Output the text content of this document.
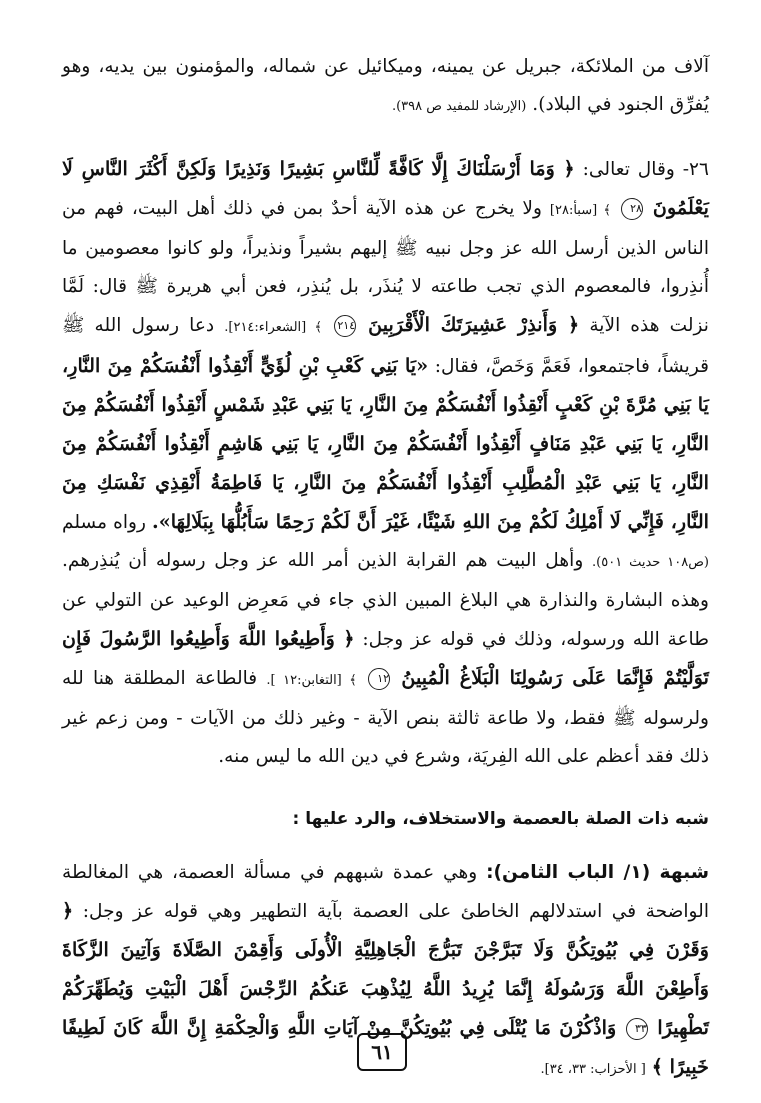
آلاف من الملائكة، جبريل عن يمينه، وميكائيل عن شماله، والمؤمنون بين يديه، وهو يُفرِّق الجنود في البلاد). (الإرشاد للمفيد ص ٣٩٨).

٢٦- وقال تعالى: ﴿ وَمَا أَرْسَلْنَاكَ إِلَّا كَافَّةً لِّلنَّاسِ بَشِيرًا وَنَذِيرًا وَلَكِنَّ أَكْثَرَ النَّاسِ لَا يَعْلَمُونَ ٢٨ ﴾ [سبأ:٢٨] ولا يخرج عن هذه الآية أحدٌ بمن في ذلك أهل البيت، فهم من الناس الذين أرسل الله عز وجل نبيه ﷺ إليهم بشيراً ونذيراً، ولو كانوا معصومين ما أُنذِروا، فالمعصوم الذي تجب طاعته لا يُنذَر، بل يُنذِر، فعن أبي هريرة ﷺ قال: لَمَّا نزلت هذه الآية ﴿ وَأَنذِرْ عَشِيرَتَكَ الْأَقْرَبِينَ ٢١٤ ﴾ [الشعراء:٢١٤]. دعا رسول الله ﷺ قريشاً، فاجتمعوا، فَعَمَّ وَخَصَّ، فقال: «يَا بَنِي كَعْبِ بْنِ لُؤَيٍّ أَنْقِذُوا أَنْفُسَكُمْ مِنَ النَّارِ، يَا بَنِي مُرَّةَ بْنِ كَعْبٍ أَنْقِذُوا أَنْفُسَكُمْ مِنَ النَّارِ، يَا بَنِي عَبْدِ شَمْسٍ أَنْقِذُوا أَنْفُسَكُمْ مِنَ النَّارِ، يَا بَنِي عَبْدِ مَنَافٍ أَنْقِذُوا أَنْفُسَكُمْ مِنَ النَّارِ، يَا بَنِي هَاشِمٍ أَنْقِذُوا أَنْفُسَكُمْ مِنَ النَّارِ، يَا بَنِي عَبْدِ الْمُطَّلِبِ أَنْقِذُوا أَنْفُسَكُمْ مِنَ النَّارِ، يَا فَاطِمَةُ أَنْقِذِي نَفْسَكِ مِنَ النَّارِ، فَإِنِّي لَا أَمْلِكُ لَكُمْ مِنَ اللهِ شَيْئًا، غَيْرَ أَنَّ لَكُمْ رَحِمًا سَأَبُلُّهَا بِبَلَالِهَا». رواه مسلم (ص١٠٨ حديث ٥٠١). وأهل البيت هم القرابة الذين أمر الله عز وجل رسوله أن يُنذِرهم. وهذه البشارة والنذارة هي البلاغ المبين الذي جاء في مَعرِض الوعيد عن التولي عن طاعة الله ورسوله، وذلك في قوله عز وجل: ﴿ وَأَطِيعُوا اللَّهَ وَأَطِيعُوا الرَّسُولَ فَإِن تَوَلَّيْتُمْ فَإِنَّمَا عَلَى رَسُولِنَا الْبَلَاغُ الْمُبِينُ ١٢ ﴾ [التغابن:١٢ ]. فالطاعة المطلقة هنا لله ولرسوله ﷺ فقط، ولا طاعة ثالثة بنص الآية - وغير ذلك من الآيات - ومن زعم غير ذلك فقد أعظم على الله الفِريَة، وشرع في دين الله ما ليس منه.

شبه ذات الصلة بالعصمة والاستخلاف، والرد عليها :

شبهة (١/ الباب الثامن): وهي عمدة شبههم في مسألة العصمة، هي المغالطة الواضحة في استدلالهم الخاطئ على العصمة بآية التطهير وهي قوله عز وجل: ﴿ وَقَرْنَ فِي بُيُوتِكُنَّ وَلَا تَبَرَّجْنَ تَبَرُّجَ الْجَاهِلِيَّةِ الْأُولَى وَأَقِمْنَ الصَّلَاةَ وَآتِينَ الزَّكَاةَ وَأَطِعْنَ اللَّهَ وَرَسُولَهُ إِنَّمَا يُرِيدُ اللَّهُ لِيُذْهِبَ عَنكُمُ الرِّجْسَ أَهْلَ الْبَيْتِ وَيُطَهِّرَكُمْ تَطْهِيرًا ٣٣ وَاذْكُرْنَ مَا يُتْلَى فِي بُيُوتِكُنَّ مِنْ آيَاتِ اللَّهِ وَالْحِكْمَةِ إِنَّ اللَّهَ كَانَ لَطِيفًا خَبِيرًا ﴾ [ الأحزاب: ٣٣، ٣٤].

٦١
